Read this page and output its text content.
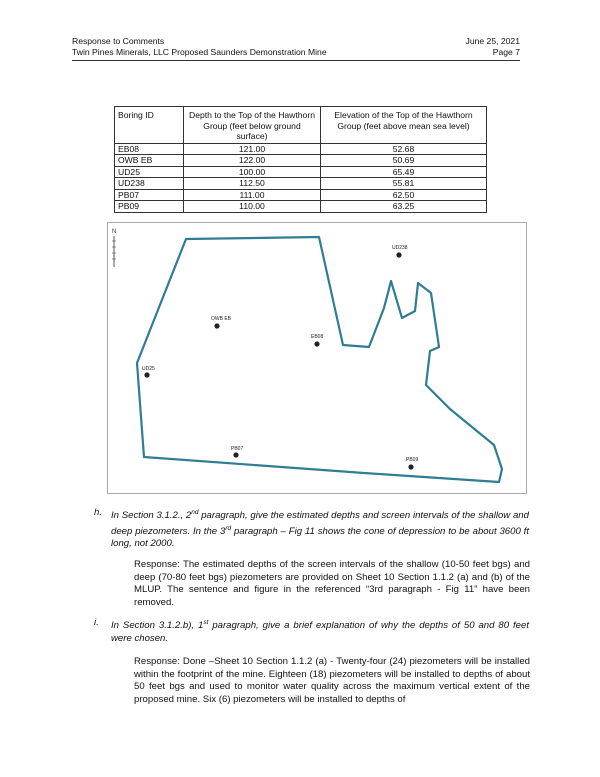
Response to Comments
Twin Pines Minerals, LLC Proposed Saunders Demonstration Mine
June 25, 2021
Page 7
Boring ID	Depth to the Top of the Hawthorn Group (feet below ground surface)	Elevation of the Top of the Hawthorn Group (feet above mean sea level)
EB08	121.00	52.68
OWB EB	122.00	50.69
UD25	100.00	65.49
UD238	112.50	55.81
PB07	111.00	62.50
PB09	110.00	63.25
N
UD238
OWB EB
EB08
UD25
PB07
PB09
h. In Section 3.1.2., 2nd paragraph, give the estimated depths and screen intervals of the shallow and deep piezometers. In the 3rd paragraph – Fig 11 shows the cone of depression to be about 3600 ft long, not 2000.
Response: The estimated depths of the screen intervals of the shallow (10-50 feet bgs) and deep (70-80 feet bgs) piezometers are provided on Sheet 10 Section 1.1.2 (a) and (b) of the MLUP. The sentence and figure in the referenced “3rd paragraph - Fig 11” have been removed.
i. In Section 3.1.2.b), 1st paragraph, give a brief explanation of why the depths of 50 and 80 feet were chosen.
Response: Done –Sheet 10 Section 1.1.2 (a) - Twenty-four (24) piezometers will be installed within the footprint of the mine. Eighteen (18) piezometers will be installed to depths of about 50 feet bgs and used to monitor water quality across the maximum vertical extent of the proposed mine. Six (6) piezometers will be installed to depths of
